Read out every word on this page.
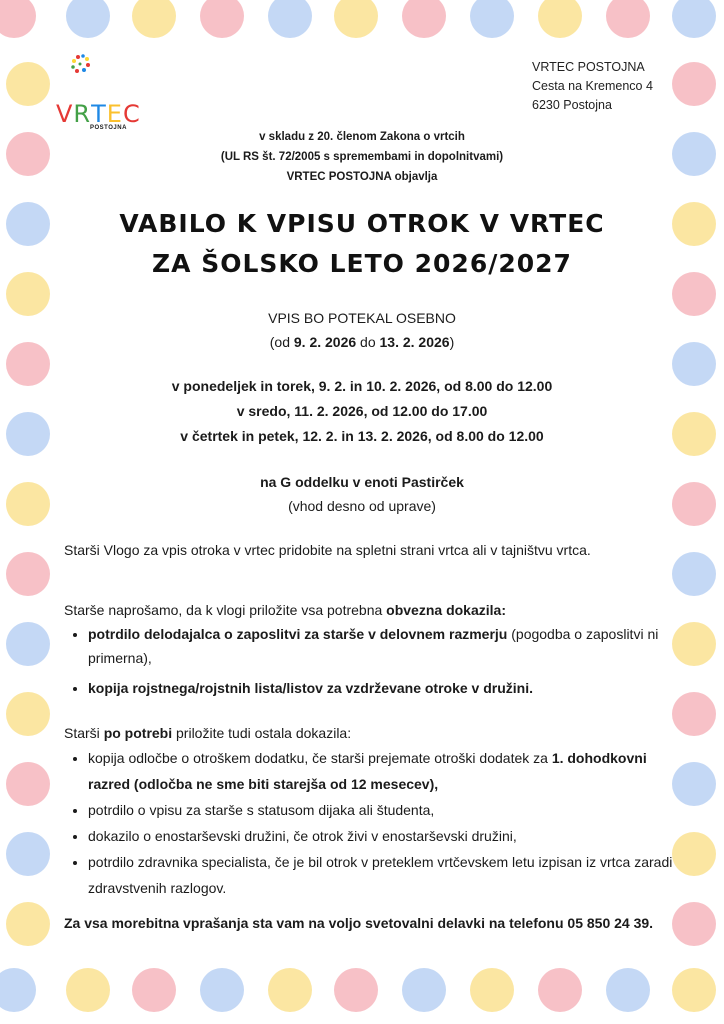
VRTEC
POSTOJNA
VRTEC POSTOJNA
Cesta na Kremenco 4
6230 Postojna
v skladu z 20. členom Zakona o vrtcih
(UL RS št. 72/2005 s spremembami in dopolnitvami)
VRTEC POSTOJNA objavlja
VABILO K VPISU OTROK V VRTEC
ZA ŠOLSKO LETO 2026/2027
VPIS BO POTEKAL OSEBNO
(od 9. 2. 2026 do 13. 2. 2026)
v ponedeljek in torek, 9. 2. in 10. 2. 2026, od 8.00 do 12.00
v sredo, 11. 2. 2026, od 12.00 do 17.00
v četrtek in petek, 12. 2. in 13. 2. 2026, od 8.00 do 12.00
na G oddelku v enoti Pastirček
(vhod desno od uprave)
Starši Vlogo za vpis otroka v vrtec pridobite na spletni strani vrtca ali v tajništvu vrtca.
Starše naprošamo, da k vlogi priložite vsa potrebna obvezna dokazila:
• potrdilo delodajalca o zaposlitvi za starše v delovnem razmerju (pogodba o zaposlitvi ni primerna),
• kopija rojstnega/rojstnih lista/listov za vzdrževane otroke v družini.
Starši po potrebi priložite tudi ostala dokazila:
• kopija odločbe o otroškem dodatku, če starši prejemate otroški dodatek za 1. dohodkovni razred (odločba ne sme biti starejša od 12 mesecev),
• potrdilo o vpisu za starše s statusom dijaka ali študenta,
• dokazilo o enostarševski družini, če otrok živi v enostarševski družini,
• potrdilo zdravnika specialista, če je bil otrok v preteklem vrtčevskem letu izpisan iz vrtca zaradi zdravstvenih razlogov.
Za vsa morebitna vprašanja sta vam na voljo svetovalni delavki na telefonu 05 850 24 39.
